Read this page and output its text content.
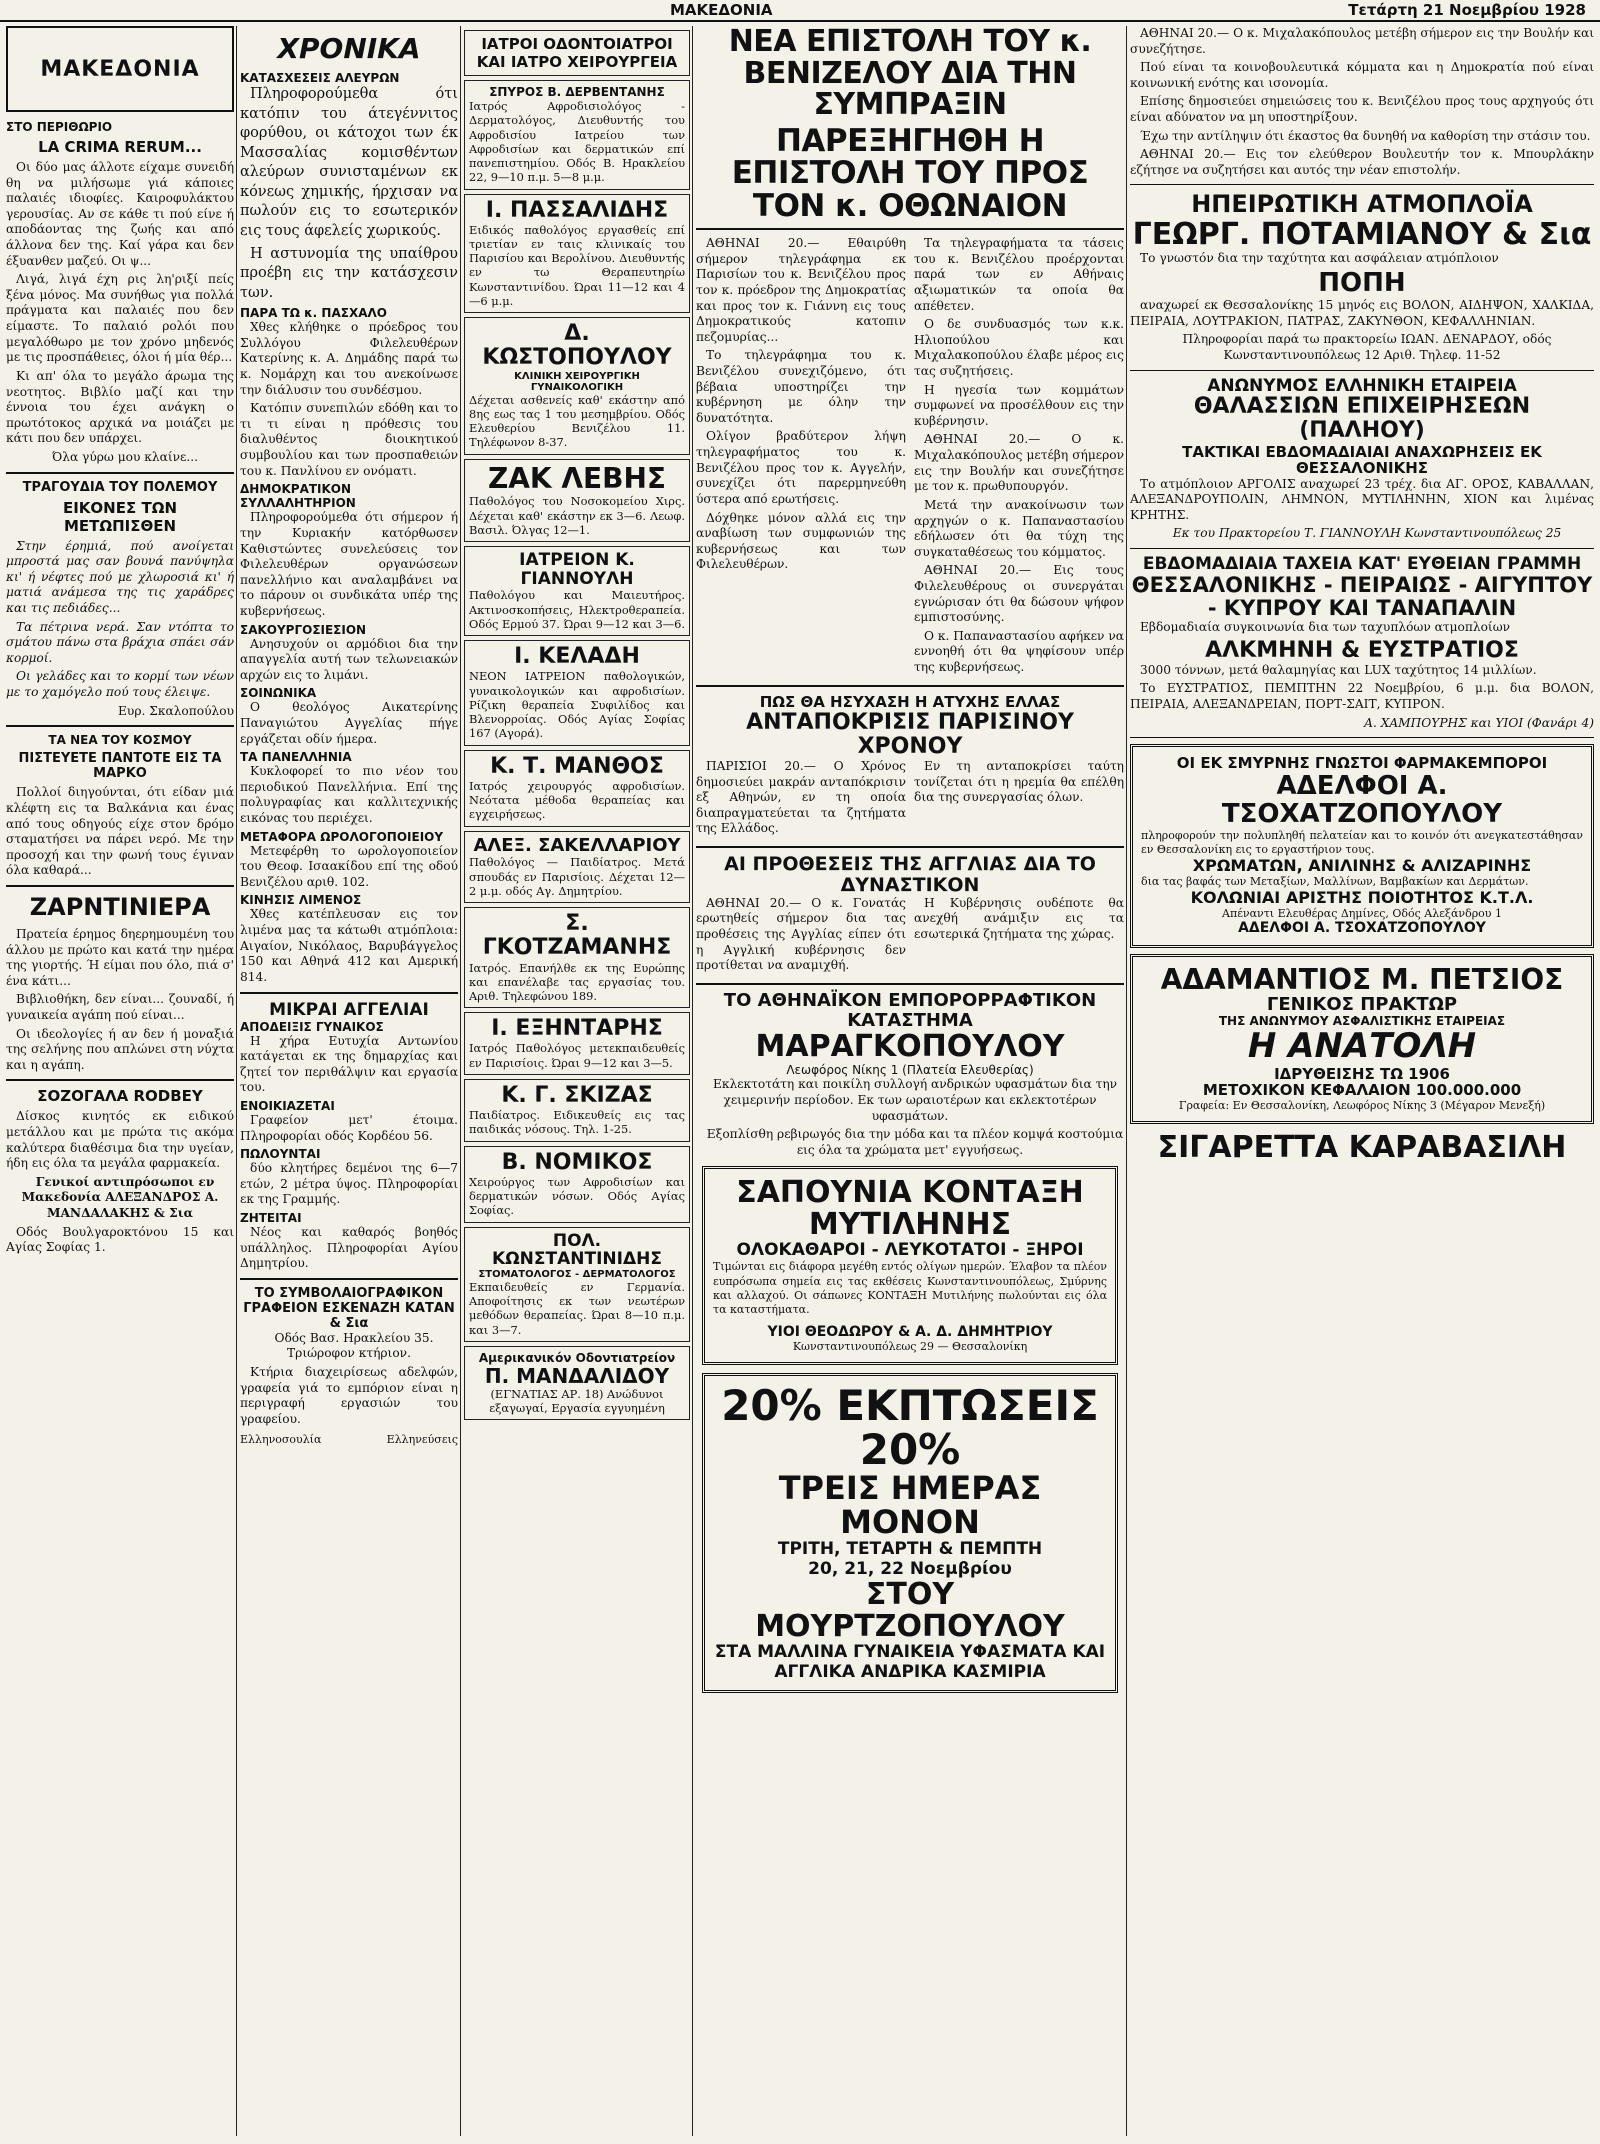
ΜΑΚΕΔΟΝΙΑ	Τετάρτη 21 Νοεμβρίου 1928
ΜΑΚΕΔΟΝΙΑ
ΣΤΟ ΠΕΡΙΘΩΡΙΟ
LA CRIMA RERUM...

Οι δύο μας άλλοτε είχαμε συνειδή θη να μιλήσωμε γιά κάποιες παλαιές ιδιοφίες. Καιροφυλάκτου γερουσίας. Αν σε κάθε τι πού είνε ή αποδάοντας της ζωής και από άλλονα δεν της. Καί γάρα και δεν έξυανθεν μαζεύ. Οι ψ...

Λιγά, λιγά έχη ρις λη'ριξί πείς ξένα μόνος. Μα συνήθως για πολλά πράγματα και παλαιές που δεν είμαστε. Το παλαιό ρολόι που μεγαλόθωρο με τον χρόνο μηδενός με τις προσπάθειες, όλοι ή μία θέρ...

Κι απ' όλα το μεγάλο άρωμα της νεοτητος. Βιβλίο μαζί και την έννοια του έχει ανάγκη ο πρωτότοκος αρχικά να μοιάζει με κάτι που δεν υπάρχει.

Όλα γύρω μου κλαίνε...

ΤΡΑΓΟΥΔΙΑ ΤΟΥ ΠΟΛΕΜΟΥ
ΕΙΚΟΝΕΣ ΤΩΝ ΜΕΤΩΠΙΣΘΕΝ

Στην έρημιά, πού ανοίγεται μπροστά μας σαν βουνά πανύψηλα κι' ή νέφτες πού με χλωροσιά κι' ή ματιά ανάμεσα της τις χαράδρες και τις πεδιάδες...

Τα πέτρινα νερά. Σαν ντόπτα το σμάτου πάνω στα βράχια σπάει σάν κορμοί.

Οι γελάδες και το κορμί των νέων με το χαμόγελο πού τους έλειψε.

Ευρ. Σκαλοπούλου

ΤΑ ΝΕΑ ΤΟΥ ΚΟΣΜΟΥ
ΠΙΣΤΕΥΕΤΕ ΠΑΝΤΟΤΕ ΕΙΣ ΤΑ ΜΑΡΚΟ

Πολλοί διηγούνται, ότι είδαν μιά κλέφτη εις τα Βαλκάνια και ένας από τους οδηγούς είχε στον δρόμο σταματήσει να πάρει νερό. Με την προσοχή και την φωνή τους έγιναν όλα καθαρά...

ΖΑΡΝΤΙΝΙΕΡΑ

Πρατεία έρημος δηερημουμένη του άλλου με πρώτο και κατά την ημέρα της γιορτής. Ή είμαι που όλο, πιά σ' ένα κάτι...

Βιβλιοθήκη, δεν είναι... ζουναδί, ή γυναικεία αγάπη πού είναι...

Οι ιδεολογίες ή αν δεν ή μοναξιά της σελήνης που απλώνει στη νύχτα και η αγάπη.

ΣΟΖΟΓΑΛΑ RODBEY

Δίσκος κινητός εκ ειδικού μετάλλου και με πρώτα τις ακόμα καλύτερα διαθέσιμα δια την υγείαν, ήδη εις όλα τα μεγάλα φαρμακεία.

Γενικοί αντιπρόσωποι εν Μακεδονία ΑΛΕΞΑΝΔΡΟΣ Α. ΜΑΝΔΑΛΑΚΗΣ & Σια

Οδός Βουλγαροκτόνου 15 και Αγίας Σοφίας 1.

ΧΡΟΝΙΚΑ
ΚΑΤΑΣΧΕΣΕΙΣ ΑΛΕΥΡΩΝ

Πληροφορούμεθα ότι κατόπιν του άτεγέννιτος φορύθου, οι κάτοχοι των έκ Μασσαλίας κομισθέντων αλεύρων συνισταμένων εκ κόνεως χημικής, ήρχισαν να πωλούν εις το εσωτερικόν εις τους άφελείς χωρικούς.

Η αστυνομία της υπαίθρου προέβη εις την κατάσχεσιν των.

ΠΑΡΑ ΤΩ κ. ΠΑΣΧΑΛΟ

Χθες κλήθηκε ο πρόεδρος του Συλλόγου Φιλελευθέρων Κατερίνης κ. Α. Δημάδης παρά τω κ. Νομάρχη και του ανεκοίνωσε την διάλυσιν του συνδέσμου.

Κατόπιν συνεπιλών εδόθη και το τι τι είναι η πρόθεσις του διαλυθέντος διοικητικού συμβουλίου και των προσπαθειών του κ. Πανλίνου εν ονόματι.

ΔΗΜΟΚΡΑΤΙΚΟΝ ΣΥΛΛΑΛΗΤΗΡΙΟΝ

Πληροφορούμεθα ότι σήμερον ή την Κυριακήν κατόρθωσεν Καθιστώντες συνελεύσεις τον Φιλελευθέρων οργανώσεων πανελλήνιο και αναλαμβάνει να το πάρουν οι συνδικάτα υπέρ της κυβερνήσεως.

ΣΑΚΟΥΡΓΟΣΙΕΣΙΟΝ

Ανησυχούν οι αρμόδιοι δια την απαγγελία αυτή των τελωνειακών αρχών εις το λιμάνι.

ΣΟΙΝΩΝΙΚΑ

Ο θεολόγος Αικατερίνης Παναγιώτου Αγγελίας πήγε εργάζεται οδίν ήμερα.

ΤΑ ΠΑΝΕΛΛΗΝΙΑ

Κυκλοφορεί το πιο νέον του περιοδικού Πανελλήνια. Επί της πολυγραφίας και καλλιτεχνικής εικόνας του περιέχει.

ΜΕΤΑΦΟΡΑ ΩΡΟΛΟΓΟΠΟΙΕΙΟΥ

Μετεφέρθη το ωρολογοποιείον του Θεοφ. Ισαακίδου επί της οδού Βενιζέλου αριθ. 102.

ΚΙΝΗΣΙΣ ΛΙΜΕΝΟΣ

Χθες κατέπλευσαν εις τον λιμένα μας τα κάτωθι ατμόπλοια: Αιγαίον, Νικόλαος, Βαρυβάγγελος 150 και Αθηνά 412 και Αμερική 814.

ΜΙΚΡΑΙ ΑΓΓΕΛΙΑΙ
ΑΠΟΔΕΙΞΙΣ ΓΥΝΑΙΚΟΣ

Η χήρα Ευτυχία Αντωνίου κατάγεται εκ της δημαρχίας και ζητεί τον περιθάλψιν και εργασία του.

ΕΝΟΙΚΙΑΖΕΤΑΙ

Γραφείον μετ' έτοιμα. Πληροφορίαι οδός Κορδέου 56.

ΠΩΛΟΥΝΤΑΙ

δύο κλητήρες δεμένοι της 6—7 ετών, 2 μέτρα ύψος. Πληροφορίαι εκ της Γραμμής.

ΖΗΤΕΙΤΑΙ

Νέος και καθαρός βοηθός υπάλληλος. Πληροφορίαι Αγίου Δημητρίου.

ΤΟ ΣΥΜΒΟΛΑΙΟΓΡΑΦΙΚΟΝ ΓΡΑΦΕΙΟΝ ΕΣΚΕΝΑΖΗ ΚΑΤΑΝ & Σια

Οδός Βασ. Ηρακλείου 35. Τριώροφον κτήριον.

Κτήρια διαχειρίσεως αδελφών, γραφεία γιά το εμπόριον είναι η περιγραφή εργασιών του γραφείου.

Ελληνοσουλία	Ελληνεύσεις
ΙΑΤΡΟΙ ΟΔΟΝΤΟΙΑΤΡΟΙ ΚΑΙ ΙΑΤΡΟ ΧΕΙΡΟΥΡΓΕΙΑ
ΣΠΥΡΟΣ Β. ΔΕΡΒΕΝΤΑΝΗΣ
Ιατρός Αφροδισιολόγος - Δερματολόγος, Διευθυντής του Αφροδισίου Ιατρείου των Αφροδισίων και δερματικών επί πανεπιστημίου. Οδός Β. Ηρακλείου 22, 9—10 π.μ. 5—8 μ.μ.
Ι. ΠΑΣΣΑΛΙΔΗΣ
Ειδικός παθολόγος εργασθείς επί τριετίαν εν ταις κλινικαίς του Παρισίου και Βερολίνου. Διευθυντής εν τω Θεραπευτηρίω Κωνσταντινίδου. Ώραι 11—12 και 4—6 μ.μ.
Δ. ΚΩΣΤΟΠΟΥΛΟΥ
ΚΛΙΝΙΚΗ ΧΕΙΡΟΥΡΓΙΚΗ ΓΥΝΑΙΚΟΛΟΓΙΚΗ
Δέχεται ασθενείς καθ' εκάστην από 8ης εως τας 1 του μεσημβρίου. Οδός Ελευθερίου Βενιζέλου 11. Τηλέφωνον 8-37.
ΖΑΚ ΛΕΒΗΣ
Παθολόγος του Νοσοκομείου Χιρς. Δέχεται καθ' εκάστην εκ 3—6. Λεωφ. Βασιλ. Όλγας 12—1.
ΙΑΤΡΕΙΟΝ Κ. ΓΙΑΝΝΟΥΛΗ
Παθολόγου και Μαιευτήρος. Ακτινοσκοπήσεις, Ηλεκτροθεραπεία. Οδός Ερμού 37. Ώραι 9—12 και 3—6.
Ι. ΚΕΛΑΔΗ
ΝΕΟΝ ΙΑΤΡΕΙΟΝ παθολογικών, γυναικολογικών και αφροδισίων. Ρίζικη θεραπεία Συφιλίδος και Βλενορροίας. Οδός Αγίας Σοφίας 167 (Αγορά).
Κ. Τ. ΜΑΝΘΟΣ
Ιατρός χειρουργός αφροδισίων. Νεότατα μέθοδα θεραπείας και εγχειρήσεως.
ΑΛΕΞ. ΣΑΚΕΛΛΑΡΙΟΥ
Παθολόγος — Παιδίατρος. Μετά σπουδάς εν Παρισίοις. Δέχεται 12—2 μ.μ. οδός Αγ. Δημητρίου.
Σ. ΓΚΟΤΖΑΜΑΝΗΣ
Ιατρός. Επανήλθε εκ της Ευρώπης και επανέλαβε τας εργασίας του. Αριθ. Τηλεφώνου 189.
Ι. ΕΞΗΝΤΑΡΗΣ
Ιατρός Παθολόγος μετεκπαιδευθείς εν Παρισίοις. Ώραι 9—12 και 3—5.
Κ. Γ. ΣΚΙΖΑΣ
Παιδίατρος. Ειδικευθείς εις τας παιδικάς νόσους. Τηλ. 1-25.
Β. ΝΟΜΙΚΟΣ
Χειρούργος των Αφροδισίων και δερματικών νόσων. Οδός Αγίας Σοφίας.
ΠΟΛ. ΚΩΝΣΤΑΝΤΙΝΙΔΗΣ
ΣΤΟΜΑΤΟΛΟΓΟΣ - ΔΕΡΜΑΤΟΛΟΓΟΣ
Εκπαιδευθείς εν Γερμανία. Αποφοίτησις εκ των νεωτέρων μεθόδων θεραπείας. Ώραι 8—10 π.μ. και 3—7.
Αμερικανικόν Οδοντιατρείον
Π. ΜΑΝΔΑΛΙΔΟΥ
(ΕΓΝΑΤΙΑΣ ΑΡ. 18) Ανώδυνοι εξαγωγαί, Εργασία εγγυημένη
ΝΕΑ ΕΠΙΣΤΟΛΗ ΤΟΥ κ. ΒΕΝΙΖΕΛΟΥ ΔΙΑ ΤΗΝ ΣΥΜΠΡΑΞΙΝ
ΠΑΡΕΞΗΓΗΘΗ Η ΕΠΙΣΤΟΛΗ ΤΟΥ ΠΡΟΣ ΤΟΝ κ. ΟΘΩΝΑΙΟΝ

ΑΘΗΝΑΙ 20.— Εθαιρύθη σήμερον τηλεγράφημα εκ Παρισίων του κ. Βενιζέλου προς τον κ. πρόεδρον της Δημοκρατίας και προς τον κ. Γιάννη εις τους Δημοκρατικούς κατοπιν πεζομυρίας...

Το τηλεγράφημα του κ. Βενιζέλου συνεχιζόμενο, ότι βέβαια υποστηρίζει την κυβέρνηση με όλην την δυνατότητα.

Ολίγον βραδύτερον λήψη τηλεγραφήματος του κ. Βενιζέλου προς τον κ. Αγγελήν, συνεχίζει ότι παρερμηνεύθη ύστερα από ερωτήσεις.

Δόχθηκε μόνον αλλά εις την αναβίωση των συμφωνιών της κυβερνήσεως και των Φιλελευθέρων.

Τα τηλεγραφήματα τα τάσεις του κ. Βενιζέλου προέρχονται παρά των εν Αθήναις αξιωματικών τα οποία θα απέθετεν.

Ο δε συνδυασμός των κ.κ. Ηλιοπούλου και Μιχαλακοπούλου έλαβε μέρος εις τας συζητήσεις.

Η ηγεσία των κομμάτων συμφωνεί να προσέλθουν εις την κυβέρνησιν.

ΑΘΗΝΑΙ 20.— Ο κ. Μιχαλακόπουλος μετέβη σήμερον εις την Βουλήν και συνεζήτησε με τον κ. πρωθυπουργόν.

Μετά την ανακοίνωσιν των αρχηγών ο κ. Παπαναστασίου εδήλωσεν ότι θα τύχη της συγκαταθέσεως του κόμματος.

ΑΘΗΝΑΙ 20.— Εις τους Φιλελευθέρους οι συνεργάται εγνώρισαν ότι θα δώσουν ψήφον εμπιστοσύνης.

Ο κ. Παπαναστασίου αφήκεν να εννοηθή ότι θα ψηφίσουν υπέρ της κυβερνήσεως.

ΠΩΣ ΘΑ ΗΣΥΧΑΣΗ Η ΑΤΥΧΗΣ ΕΛΛΑΣ
ΑΝΤΑΠΟΚΡΙΣΙΣ ΠΑΡΙΣΙΝΟΥ ΧΡΟΝΟΥ

ΠΑΡΙΣΙΟΙ 20.— Ο Χρόνος δημοσιεύει μακράν ανταπόκρισιν εξ Αθηνών, εν τη οποία διαπραγματεύεται τα ζητήματα της Ελλάδος.

Εν τη ανταποκρίσει ταύτη τονίζεται ότι η ηρεμία θα επέλθη δια της συνεργασίας όλων.

ΑΙ ΠΡΟΘΕΣΕΙΣ ΤΗΣ ΑΓΓΛΙΑΣ ΔΙΑ ΤΟ ΔΥΝΑΣΤΙΚΟΝ

ΑΘΗΝΑΙ 20.— Ο κ. Γονατάς ερωτηθείς σήμερον δια τας προθέσεις της Αγγλίας είπεν ότι η Αγγλική κυβέρνησις δεν προτίθεται να αναμιχθή.

Η Κυβέρνησις ουδέποτε θα ανεχθή ανάμιξιν εις τα εσωτερικά ζητήματα της χώρας.

ΤΟ ΑΘΗΝΑΪΚΟΝ ΕΜΠΟΡΟΡΡΑΦΤΙΚΟΝ ΚΑΤΑΣΤΗΜΑ
ΜΑΡΑΓΚΟΠΟΥΛΟΥ
Λεωφόρος Νίκης 1 (Πλατεία Ελευθερίας)

Εκλεκτοτάτη και ποικίλη συλλογή ανδρικών υφασμάτων δια την χειμερινήν περίοδον. Εκ των ωραιοτέρων και εκλεκτοτέρων υφασμάτων.

Εξοπλίσθη ρεβιρωγός δια την μόδα και τα πλέον κομψά κοστούμια εις όλα τα χρώματα μετ' εγγυήσεως.

ΣΑΠΟΥΝΙΑ ΚΟΝΤΑΞΗ ΜΥΤΙΛΗΝΗΣ
ΟΛΟΚΑΘΑΡΟΙ - ΛΕΥΚΟΤΑΤΟΙ - ΞΗΡΟΙ
Τιμώνται εις διάφορα μεγέθη εντός ολίγων ημερών. Έλαβον τα πλέον ευπρόσωπα σημεία εις τας εκθέσεις Κωνσταντινουπόλεως, Σμύρνης και αλλαχού. Οι σάπωνες ΚΟΝΤΑΞΗ Μυτιλήνης πωλούνται εις όλα τα καταστήματα.
ΥΙΟΙ ΘΕΟΔΩΡΟΥ & Α. Δ. ΔΗΜΗΤΡΙΟΥ
Κωνσταντινουπόλεως 29 — Θεσσαλονίκη
20% ΕΚΠΤΩΣΕΙΣ 20%
ΤΡΕΙΣ ΗΜΕΡΑΣ ΜΟΝΟΝ
ΤΡΙΤΗ, ΤΕΤΑΡΤΗ & ΠΕΜΠΤΗ
20, 21, 22 Νοεμβρίου
ΣΤΟΥ ΜΟΥΡΤΖΟΠΟΥΛΟΥ
ΣΤΑ ΜΑΛΛΙΝΑ ΓΥΝΑΙΚΕΙΑ ΥΦΑΣΜΑΤΑ ΚΑΙ ΑΓΓΛΙΚΑ ΑΝΔΡΙΚΑ ΚΑΣΜΙΡΙΑ

ΑΘΗΝΑΙ 20.— Ο κ. Μιχαλακόπουλος μετέβη σήμερον εις την Βουλήν και συνεζήτησε.

Πού είναι τα κοινοβουλευτικά κόμματα και η Δημοκρατία πού είναι κοινωνική ενότης και ισονομία.

Επίσης δημοσιεύει σημειώσεις του κ. Βενιζέλου προς τους αρχηγούς ότι είναι αδύνατον να μη υποστηρίξουν.

Έχω την αντίληψιν ότι έκαστος θα δυνηθή να καθορίση την στάσιν του.

ΑΘΗΝΑΙ 20.— Εις τον ελεύθερον Βουλευτήν τον κ. Μπουρλάκην εζήτησε να συζητήσει και αυτός την νέαν επιστολήν.

ΗΠΕΙΡΩΤΙΚΗ ΑΤΜΟΠΛΟΪΑ
ΓΕΩΡΓ. ΠΟΤΑΜΙΑΝΟΥ & Σια

Το γνωστόν δια την ταχύτητα και ασφάλειαν ατμόπλοιον

ΠΟΠΗ

αναχωρεί εκ Θεσσαλονίκης 15 μηνός εις ΒΟΛΟΝ, ΑΙΔΗΨΟΝ, ΧΑΛΚΙΔΑ, ΠΕΙΡΑΙΑ, ΛΟΥΤΡΑΚΙΟΝ, ΠΑΤΡΑΣ, ΖΑΚΥΝΘΟΝ, ΚΕΦΑΛΛΗΝΙΑΝ.

Πληροφορίαι παρά τω πρακτορείω ΙΩΑΝ. ΔΕΝΑΡΔΟΥ, οδός Κωνσταντινουπόλεως 12 Αριθ. Τηλεφ. 11-52

ΑΝΩΝΥΜΟΣ ΕΛΛΗΝΙΚΗ ΕΤΑΙΡΕΙΑ
ΘΑΛΑΣΣΙΩΝ ΕΠΙΧΕΙΡΗΣΕΩΝ (ΠΑΛΗΟΥ)
ΤΑΚΤΙΚΑΙ ΕΒΔΟΜΑΔΙΑΙΑΙ ΑΝΑΧΩΡΗΣΕΙΣ ΕΚ ΘΕΣΣΑΛΟΝΙΚΗΣ

Το ατμόπλοιον ΑΡΓΟΛΙΣ αναχωρεί 23 τρέχ. δια ΑΓ. ΟΡΟΣ, ΚΑΒΑΛΛΑΝ, ΑΛΕΞΑΝΔΡΟΥΠΟΛΙΝ, ΛΗΜΝΟΝ, ΜΥΤΙΛΗΝΗΝ, ΧΙΟΝ και λιμένας ΚΡΗΤΗΣ.

Εκ του Πρακτορείου Τ. ΓΙΑΝΝΟΥΛΗ Κωνσταντινουπόλεως 25

ΕΒΔΟΜΑΔΙΑΙΑ ΤΑΧΕΙΑ ΚΑΤ' ΕΥΘΕΙΑΝ ΓΡΑΜΜΗ
ΘΕΣΣΑΛΟΝΙΚΗΣ - ΠΕΙΡΑΙΩΣ - ΑΙΓΥΠΤΟΥ - ΚΥΠΡΟΥ ΚΑΙ ΤΑΝΑΠΑΛΙΝ

Εβδομαδιαία συγκοινωνία δια των ταχυπλόων ατμοπλοίων

ΑΛΚΜΗΝΗ & ΕΥΣΤΡΑΤΙΟΣ

3000 τόννων, μετά θαλαμηγίας και LUX ταχύτητος 14 μιλλίων.

Το ΕΥΣΤΡΑΤΙΟΣ, ΠΕΜΠΤΗΝ 22 Νοεμβρίου, 6 μ.μ. δια ΒΟΛΟΝ, ΠΕΙΡΑΙΑ, ΑΛΕΞΑΝΔΡΕΙΑΝ, ΠΟΡΤ-ΣΑΙΤ, ΚΥΠΡΟΝ.

Α. ΧΑΜΠΟΥΡΗΣ και ΥΙΟΙ (Φανάρι 4)

ΟΙ ΕΚ ΣΜΥΡΝΗΣ ΓΝΩΣΤΟΙ ΦΑΡΜΑΚΕΜΠΟΡΟΙ
ΑΔΕΛΦΟΙ Α. ΤΣΟΧΑΤΖΟΠΟΥΛΟΥ
πληροφορούν την πολυπληθή πελατείαν και το κοινόν ότι ανεγκατεστάθησαν εν Θεσσαλονίκη εις το εργαστήριον τους.
ΧΡΩΜΑΤΩΝ, ΑΝΙΛΙΝΗΣ & ΑΛΙΖΑΡΙΝΗΣ
δια τας βαφάς των Μεταξίων, Μαλλίνων, Βαμβακίων και Δερμάτων.
ΚΟΛΩΝΙΑΙ ΑΡΙΣΤΗΣ ΠΟΙΟΤΗΤΟΣ Κ.Τ.Λ.
Απέναντι Ελευθέρας Δημίνες, Οδός Αλεξάνδρου 1
ΑΔΕΛΦΟΙ Α. ΤΣΟΧΑΤΖΟΠΟΥΛΟΥ
ΑΔΑΜΑΝΤΙΟΣ Μ. ΠΕΤΣΙΟΣ
ΓΕΝΙΚΟΣ ΠΡΑΚΤΩΡ
ΤΗΣ ΑΝΩΝΥΜΟΥ ΑΣΦΑΛΙΣΤΙΚΗΣ ΕΤΑΙΡΕΙΑΣ
Η ΑΝΑΤΟΛΗ
ΙΔΡΥΘΕΙΣΗΣ ΤΩ 1906
ΜΕΤΟΧΙΚΟΝ ΚΕΦΑΛΑΙΟΝ 100.000.000
Γραφεία: Εν Θεσσαλονίκη, Λεωφόρος Νίκης 3 (Μέγαρον Μενεξή)
ΣΙΓΑΡΕΤΤΑ ΚΑΡΑΒΑΣΙΛΗ
